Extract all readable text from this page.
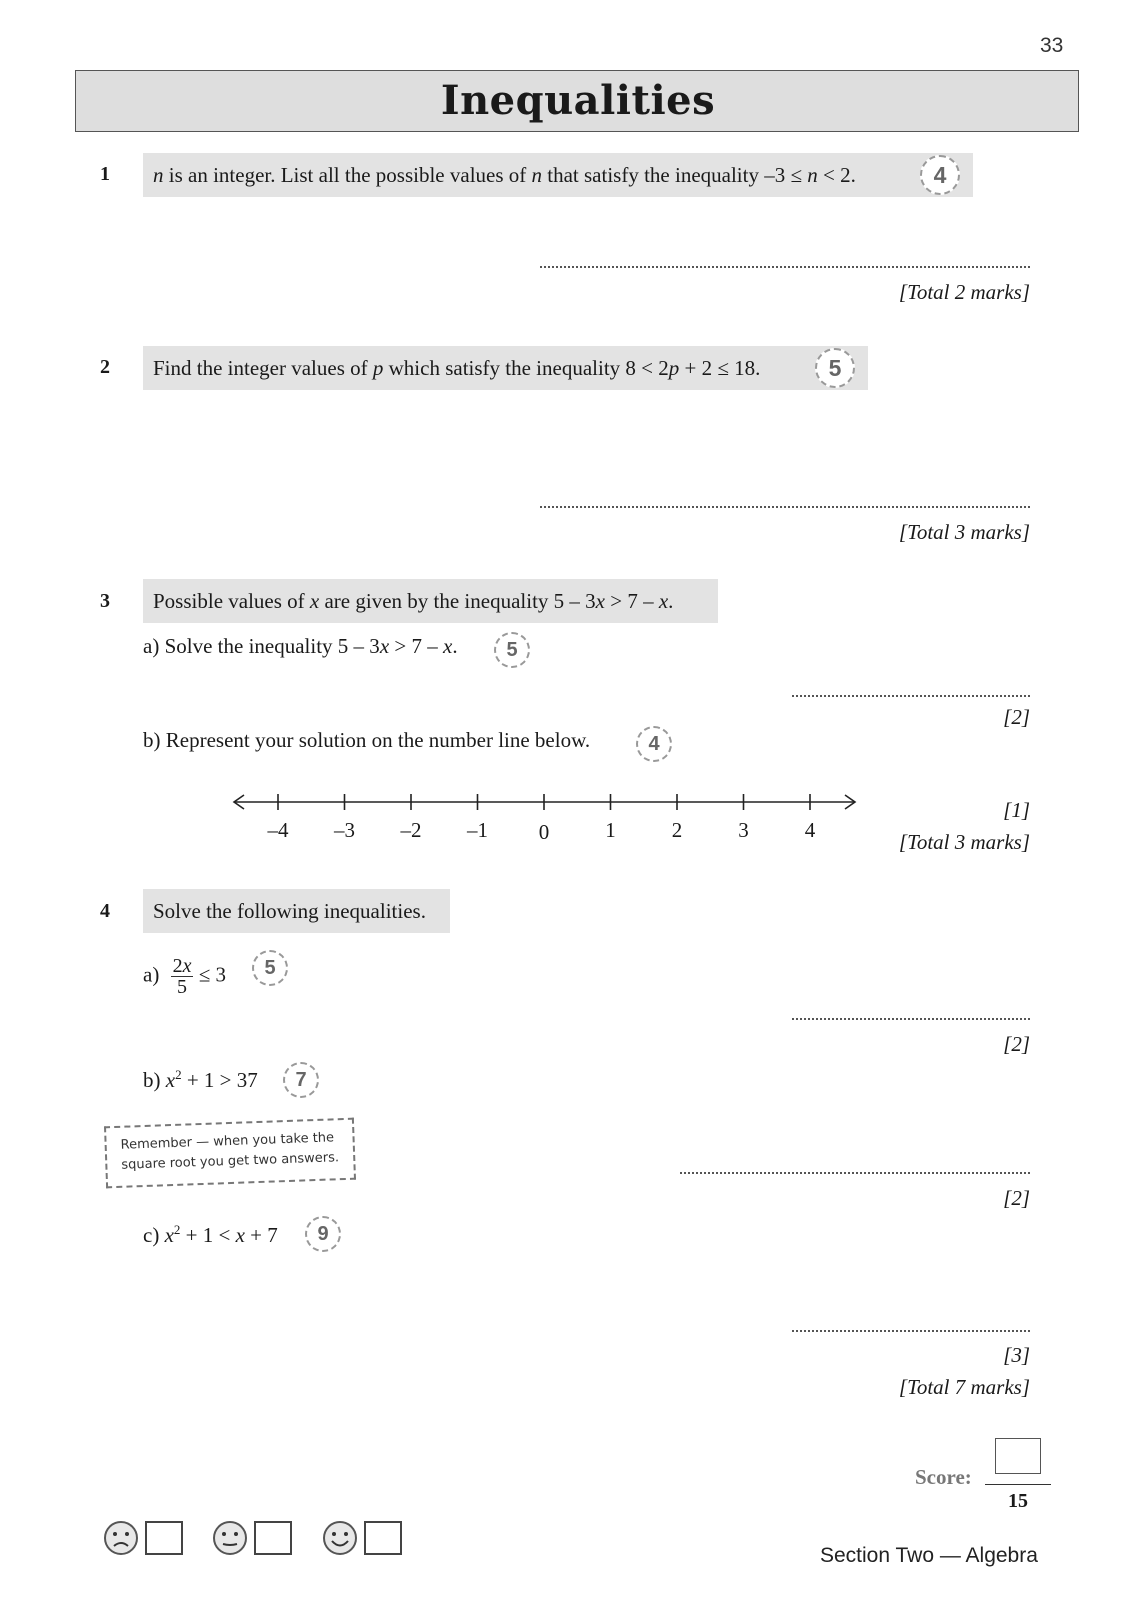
33
Inequalities
1	n is an integer. List all the possible values of n that satisfy the inequality –3 ≤ n < 2.	4
[Total 2 marks]
2	Find the integer values of p which satisfy the inequality 8 < 2p + 2 ≤ 18.	5
[Total 3 marks]
3	Possible values of x are given by the inequality 5 – 3x > 7 – x.
a) Solve the inequality 5 – 3x > 7 – x.	5
[2]
b) Represent your solution on the number line below.	4
–4	–3	–2	–1	0	1	2	3	4
[1]
[Total 3 marks]
4	Solve the following inequalities.
$a) \frac{2x}{5} \le 3$	5
[2]
b) $x^2 + 1 > 37$	7
Remember — when you take the
square root you get two answers.
[2]
c) $x^2 + 1 < x + 7$	9
[3]
[Total 7 marks]
Score:
15
Section Two — Algebra
